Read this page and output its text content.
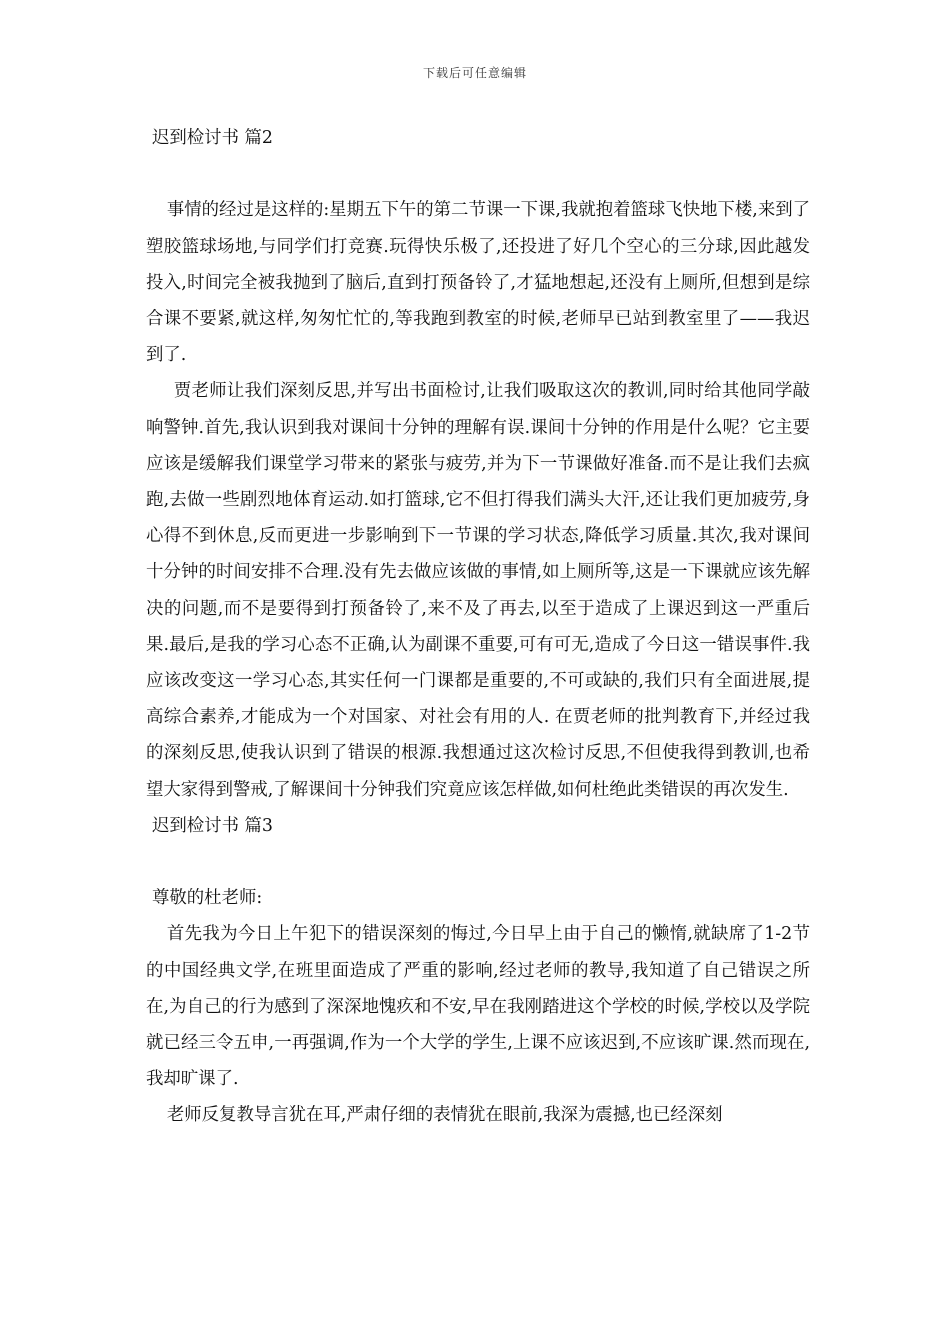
下载后可任意编辑

迟到检讨书 篇2

事情的经过是这样的:星期五下午的第二节课一下课,我就抱着篮球飞快地下楼,来到了塑胶篮球场地,与同学们打竞赛.玩得快乐极了,还投进了好几个空心的三分球,因此越发投入,时间完全被我抛到了脑后,直到打预备铃了,才猛地想起,还没有上厕所,但想到是综合课不要紧,就这样,匆匆忙忙的,等我跑到教室的时候,老师早已站到教室里了——我迟到了.

贾老师让我们深刻反思,并写出书面检讨,让我们吸取这次的教训,同时给其他同学敲响警钟.首先,我认识到我对课间十分钟的理解有误.课间十分钟的作用是什么呢？它主要应该是缓解我们课堂学习带来的紧张与疲劳,并为下一节课做好准备.而不是让我们去疯跑,去做一些剧烈地体育运动.如打篮球,它不但打得我们满头大汗,还让我们更加疲劳,身心得不到休息,反而更进一步影响到下一节课的学习状态,降低学习质量.其次,我对课间十分钟的时间安排不合理.没有先去做应该做的事情,如上厕所等,这是一下课就应该先解决的问题,而不是要得到打预备铃了,来不及了再去,以至于造成了上课迟到这一严重后果.最后,是我的学习心态不正确,认为副课不重要,可有可无,造成了今日这一错误事件.我应该改变这一学习心态,其实任何一门课都是重要的,不可或缺的,我们只有全面进展,提高综合素养,才能成为一个对国家、对社会有用的人. 在贾老师的批判教育下,并经过我的深刻反思,使我认识到了错误的根源.我想通过这次检讨反思,不但使我得到教训,也希望大家得到警戒,了解课间十分钟我们究竟应该怎样做,如何杜绝此类错误的再次发生.

迟到检讨书 篇3

尊敬的杜老师:

首先我为今日上午犯下的错误深刻的悔过,今日早上由于自己的懒惰,就缺席了1-2节的中国经典文学,在班里面造成了严重的影响,经过老师的教导,我知道了自己错误之所在,为自己的行为感到了深深地愧疚和不安,早在我刚踏进这个学校的时候,学校以及学院就已经三令五申,一再强调,作为一个大学的学生,上课不应该迟到,不应该旷课.然而现在,我却旷课了.

老师反复教导言犹在耳,严肃仔细的表情犹在眼前,我深为震撼,也已经深刻
